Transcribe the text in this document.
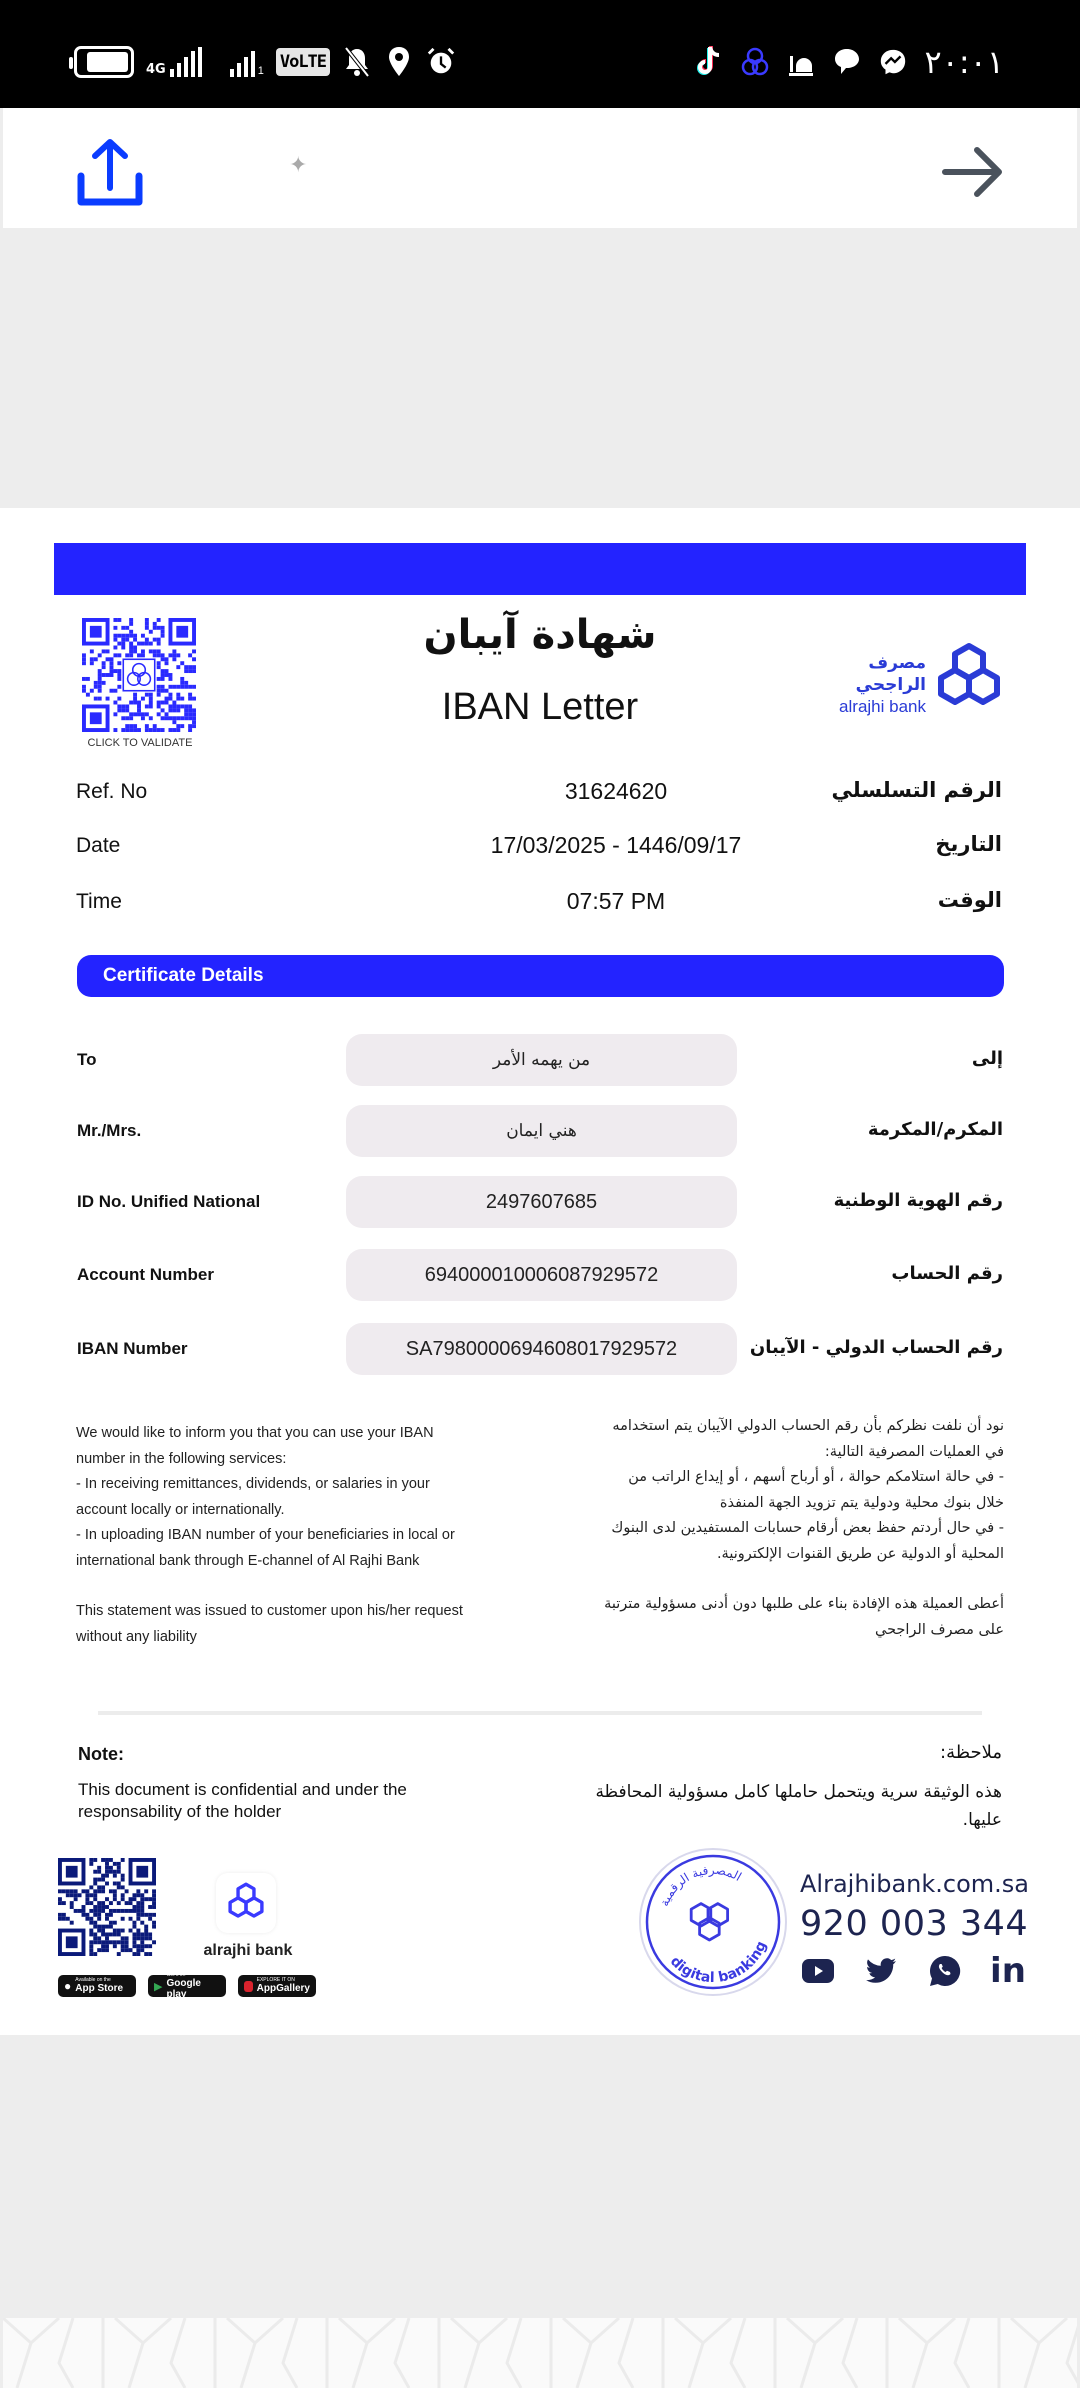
4G	1 VoLTE	٢٠:٠١
✦
CLICK TO VALIDATE
شهادة آيبان
IBAN Letter
مصرف الراجحي
alrajhi bank
Ref. No	31624620	الرقم التسلسلي
Date	17/03/2025 - 1446/09/17	التاريخ
Time	07:57 PM	الوقت
Certificate Details
To	من يهمه الأمر	إلى
Mr./Mrs.	هني ايمان	المكرم/المكرمة
ID No. Unified National	2497607685	رقم الهوية الوطنية
Account Number	694000010006087929572	رقم الحساب
IBAN Number	SA7980000694608017929572	رقم الحساب الدولي - الآيبان
We would like to inform you that you can use your IBAN number in the following services:
- In receiving remittances, dividends, or salaries in your account locally or internationally.
- In uploading IBAN number of your beneficiaries in local or international bank through E-channel of Al Rajhi Bank
This statement was issued to customer upon his/her request without any liability
نود أن نلفت نظركم بأن رقم الحساب الدولي الآيبان يتم استخدامه في العمليات المصرفية التالية:
- في حالة استلامكم حوالة ، أو أرباح أسهم ، أو إيداع الراتب من خلال بنوك محلية ودولية يتم تزويد الجهة المنفذة
- في حال أردتم حفظ بعض أرقام حسابات المستفيدين لدى البنوك المحلية أو الدولية عن طريق القنوات الإلكترونية.
أعطى العميلة هذه الإفادة بناء على طلبها دون أدنى مسؤولية مترتبة على مصرف الراجحي
Note:	ملاحظة:
This document is confidential and under the responsability of the holder
هذه الوثيقة سرية ويتحمل حاملها كامل مسؤولية المحافظة عليها.
alrajhi bank
● Available on the
App Store	▶
Get it on
Google play
EXPLORE IT ON
AppGallery
المصرفية الرقمية
digital banking
Alrajhibank.com.sa
920 003 344
in
